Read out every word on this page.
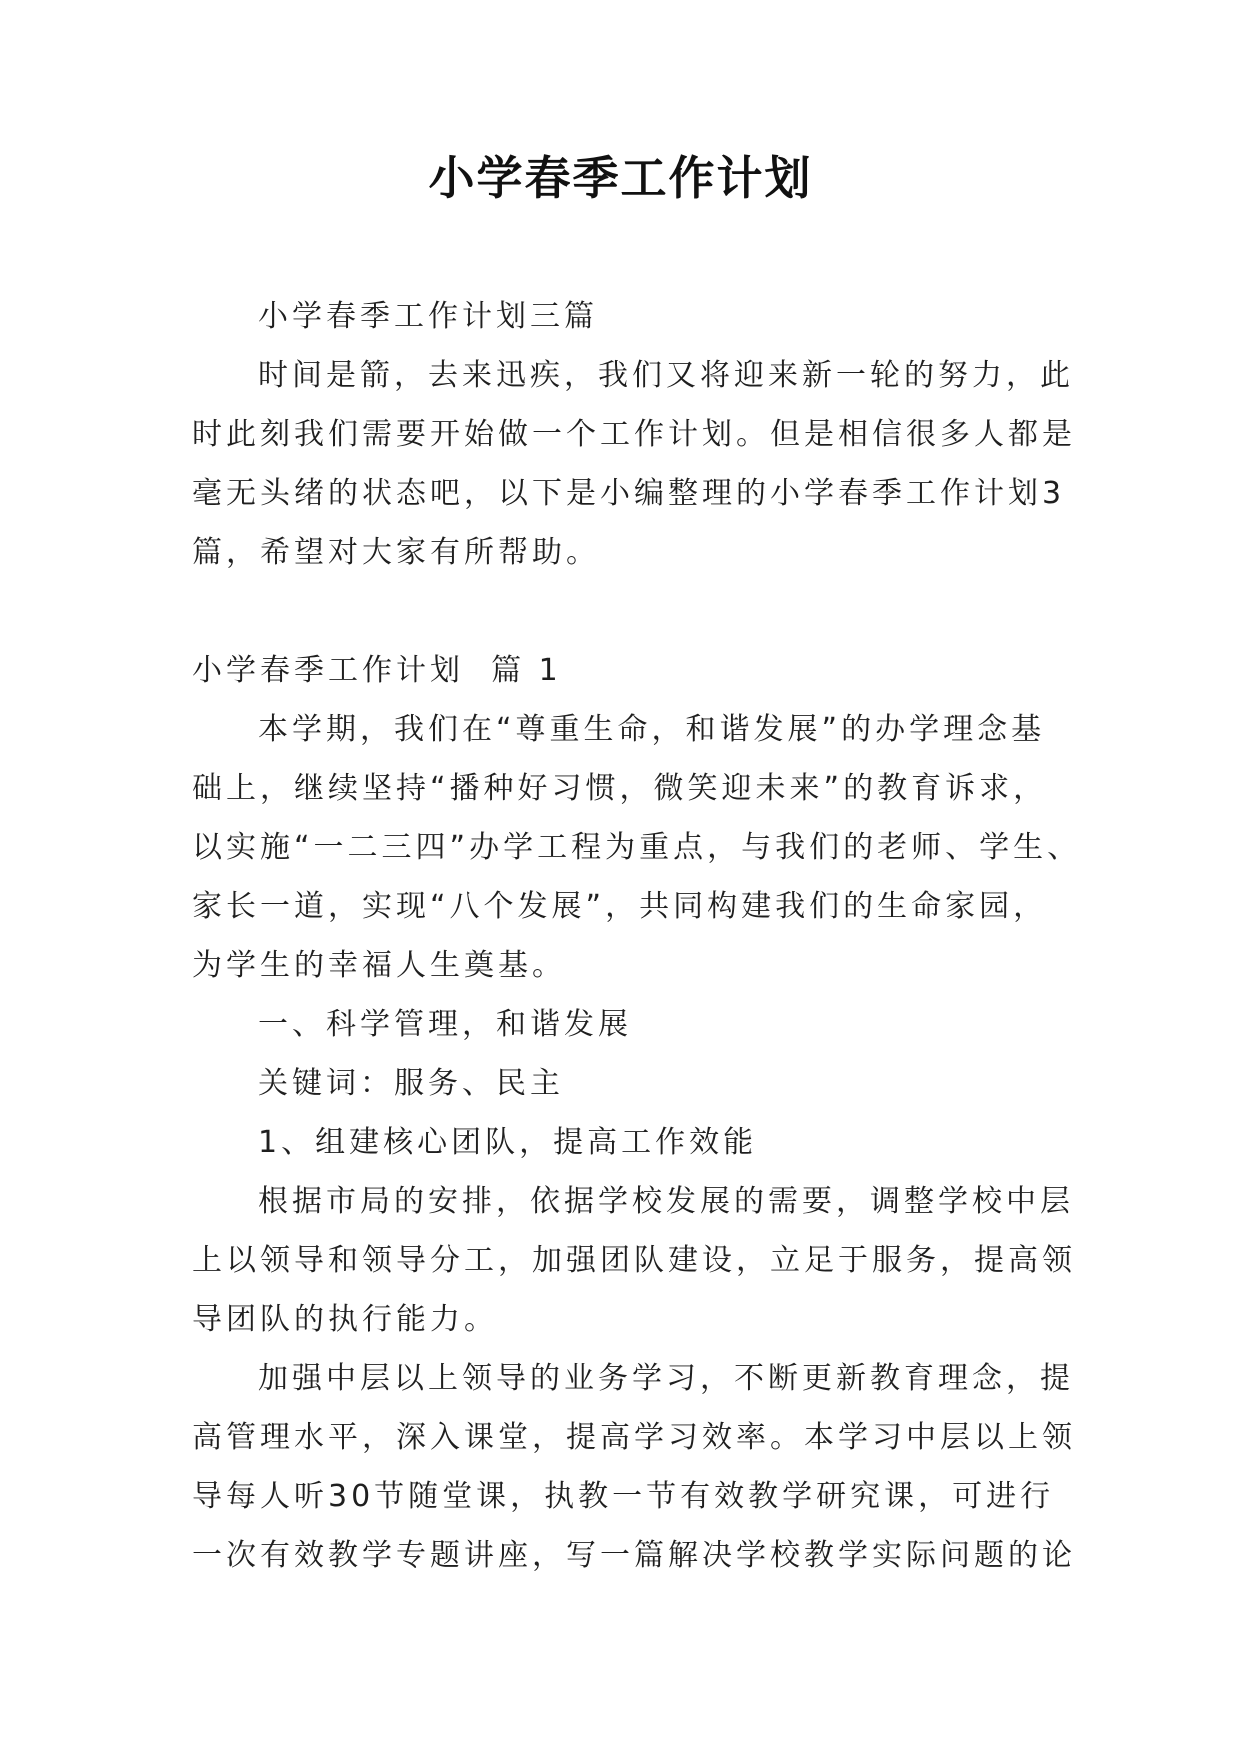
小学春季工作计划

小学春季工作计划三篇

时间是箭，去来迅疾，我们又将迎来新一轮的努力，此

时此刻我们需要开始做一个工作计划。但是相信很多人都是

毫无头绪的状态吧，以下是小编整理的小学春季工作计划3

篇，希望对大家有所帮助。

小学春季工作计划  篇 1

本学期，我们在“尊重生命，和谐发展”的办学理念基

础上，继续坚持“播种好习惯，微笑迎未来”的教育诉求，

以实施“一二三四”办学工程为重点，与我们的老师、学生、

家长一道，实现“八个发展”，共同构建我们的生命家园，

为学生的幸福人生奠基。

一、科学管理，和谐发展

关键词：服务、民主

1、组建核心团队，提高工作效能

根据市局的安排，依据学校发展的需要，调整学校中层

上以领导和领导分工，加强团队建设，立足于服务，提高领

导团队的执行能力。

加强中层以上领导的业务学习，不断更新教育理念，提

高管理水平，深入课堂，提高学习效率。本学习中层以上领

导每人听30节随堂课，执教一节有效教学研究课，可进行

一次有效教学专题讲座，写一篇解决学校教学实际问题的论
